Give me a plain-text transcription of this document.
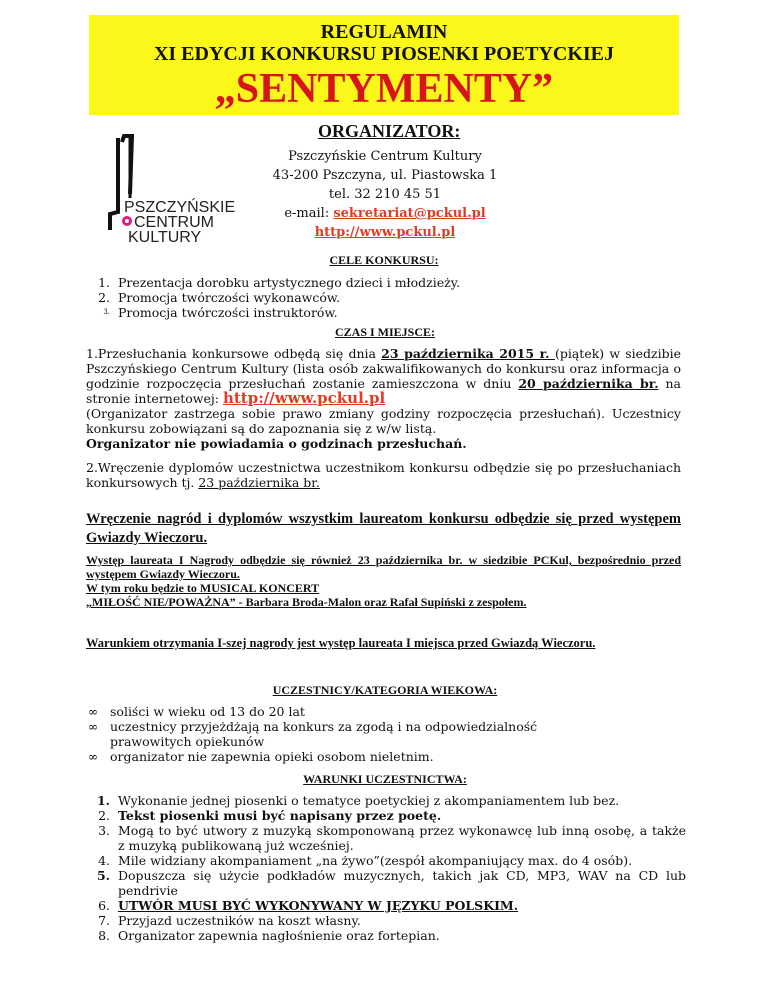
REGULAMIN
XI EDYCJI KONKURSU PIOSENKI POETYCKIEJ
„SENTYMENTY”
ORGANIZATOR:
PSZCZYŃSKIE
CENTRUM
KULTURY
Pszczyńskie Centrum Kultury
43-200 Pszczyna, ul. Piastowska 1
tel. 32 210 45 51
e-mail: sekretariat@pckul.pl
http://www.pckul.pl
CELE KONKURSU:
1. Prezentacja dorobku artystycznego dzieci i młodzieży.
2. Promocja twórczości wykonawców.
3. Promocja twórczości instruktorów.
CZAS I MIEJSCE:
1.Przesłuchania konkursowe odbędą się dnia 23 października 2015 r. (piątek) w siedzibie Pszczyńskiego Centrum Kultury (lista osób zakwalifikowanych do konkursu oraz informacja o godzinie rozpoczęcia przesłuchań zostanie zamieszczona w dniu 20 października br. na stronie internetowej: http://www.pckul.pl
(Organizator zastrzega sobie prawo zmiany godziny rozpoczęcia przesłuchań). Uczestnicy konkursu zobowiązani są do zapoznania się z w/w listą.
Organizator nie powiadamia o godzinach przesłuchań.
2.Wręczenie dyplomów uczestnictwa uczestnikom konkursu odbędzie się po przesłuchaniach konkursowych tj. 23 października br.
Wręczenie nagród i dyplomów wszystkim laureatom konkursu odbędzie się przed występem Gwiazdy Wieczoru.
Występ laureata I Nagrody odbędzie się również 23 października br. w siedzibie PCKul, bezpośrednio przed występem Gwiazdy Wieczoru.
W tym roku będzie to MUSICAL KONCERT
„MIŁOŚĆ NIE/POWAŻNA” - Barbara Broda-Malon oraz Rafał Supiński z zespołem.
Warunkiem otrzymania I-szej nagrody jest występ laureata I miejsca przed Gwiazdą Wieczoru.
UCZESTNICY/KATEGORIA WIEKOWA:
∞ soliści w wieku od 13 do 20 lat
∞ uczestnicy przyjeżdżają na konkurs za zgodą i na odpowiedzialność prawowitych opiekunów
∞ organizator nie zapewnia opieki osobom nieletnim.
WARUNKI UCZESTNICTWA:
1. Wykonanie jednej piosenki o tematyce poetyckiej z akompaniamentem lub bez.
2. Tekst piosenki musi być napisany przez poetę.
3. Mogą to być utwory z muzyką skomponowaną przez wykonawcę lub inną osobę, a także z muzyką publikowaną już wcześniej.
4. Mile widziany akompaniament „na żywo”(zespół akompaniujący max. do 4 osób).
5. Dopuszcza się użycie podkładów muzycznych, takich jak CD, MP3, WAV na CD lub pendrivie
6. UTWÓR MUSI BYĆ WYKONYWANY W JĘZYKU POLSKIM.
7. Przyjazd uczestników na koszt własny.
8. Organizator zapewnia nagłośnienie oraz fortepian.
